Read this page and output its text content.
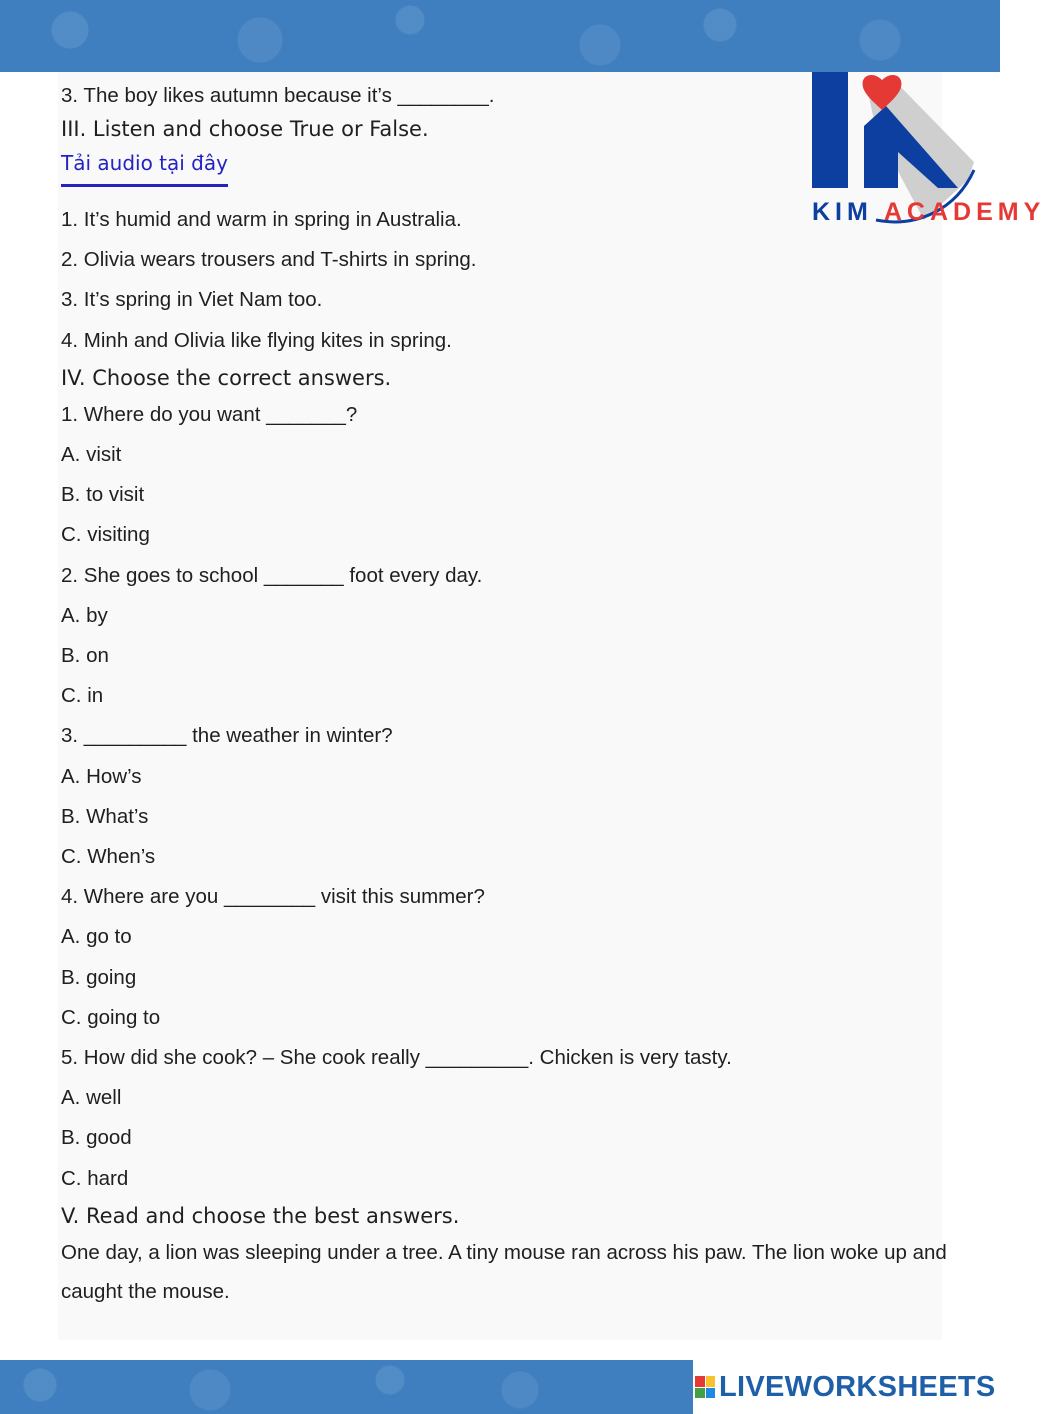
KIM ACADEMY
3. The boy likes autumn because it’s ________.
III. Listen and choose True or False.
Tải audio tại đây
1. It’s humid and warm in spring in Australia.
2. Olivia wears trousers and T-shirts in spring.
3. It’s spring in Viet Nam too.
4. Minh and Olivia like flying kites in spring.
IV. Choose the correct answers.
1. Where do you want _______?
A. visit
B. to visit
C. visiting
2. She goes to school _______ foot every day.
A. by
B. on
C. in
3. _________ the weather in winter?
A. How’s
B. What’s
C. When’s
4. Where are you ________ visit this summer?
A. go to
B. going
C. going to
5. How did she cook? – She cook really _________. Chicken is very tasty.
A. well
B. good
C. hard
V. Read and choose the best answers.
One day, a lion was sleeping under a tree. A tiny mouse ran across his paw. The lion woke up and caught the mouse.
LIVEWORKSHEETS
